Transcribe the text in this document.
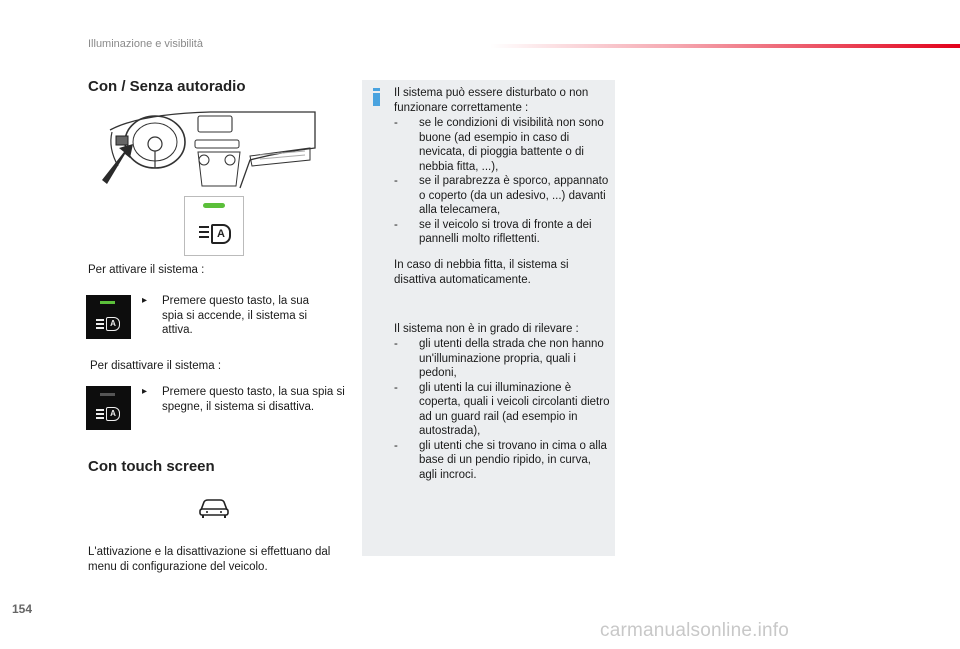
Illuminazione e visibilità
Con / Senza autoradio
A
Per attivare il sistema :
A
▸ Premere questo tasto, la sua spia si accende, il sistema si attiva.
Per disattivare il sistema :
A
▸ Premere questo tasto, la sua spia si spegne, il sistema si disattiva.
Con touch screen
L'attivazione e la disattivazione si effettuano dal menu di configurazione del veicolo.
Il sistema può essere disturbato o non funzionare correttamente :
- se le condizioni di visibilità non sono buone (ad esempio in caso di nevicata, di pioggia battente o di nebbia fitta, ...),
- se il parabrezza è sporco, appannato o coperto (da un adesivo, ...) davanti alla telecamera,
- se il veicolo si trova di fronte a dei pannelli molto riflettenti.
In caso di nebbia fitta, il sistema si disattiva automaticamente.
Il sistema non è in grado di rilevare :
- gli utenti della strada che non hanno un'illuminazione propria, quali i pedoni,
- gli utenti la cui illuminazione è coperta, quali i veicoli circolanti dietro ad un guard rail (ad esempio in autostrada),
- gli utenti che si trovano in cima o alla base di un pendio ripido, in curva, agli incroci.
154
carmanualsonline.info
